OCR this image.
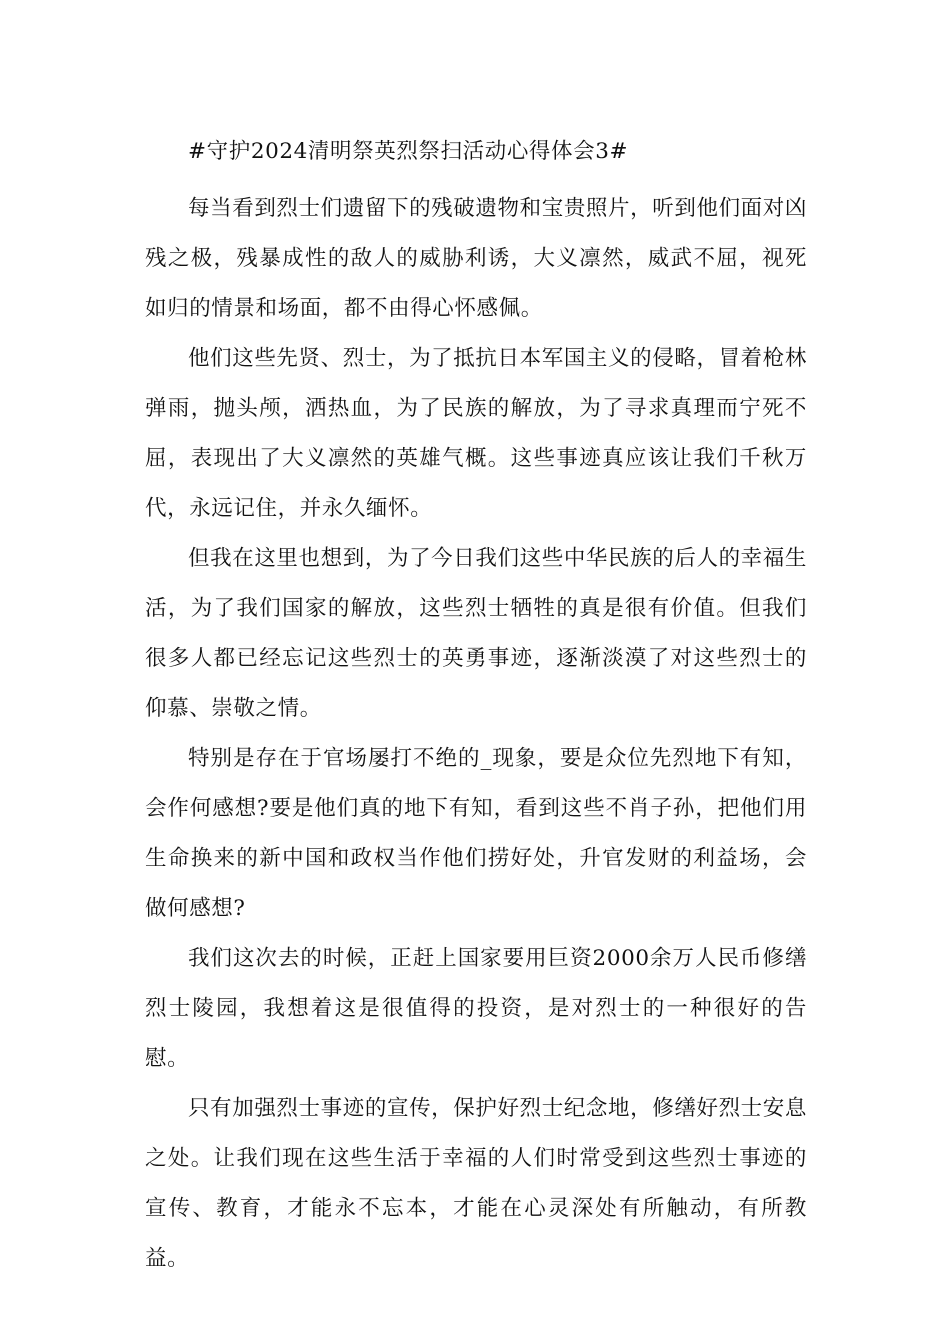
#守护2024清明祭英烈祭扫活动心得体会3#

每当看到烈士们遗留下的残破遗物和宝贵照片，听到他们面对凶残之极，残暴成性的敌人的威胁利诱，大义凛然，威武不屈，视死如归的情景和场面，都不由得心怀感佩。

他们这些先贤、烈士，为了抵抗日本军国主义的侵略，冒着枪林弹雨，抛头颅，洒热血，为了民族的解放，为了寻求真理而宁死不屈，表现出了大义凛然的英雄气概。这些事迹真应该让我们千秋万代，永远记住，并永久缅怀。

但我在这里也想到，为了今日我们这些中华民族的后人的幸福生活，为了我们国家的解放，这些烈士牺牲的真是很有价值。但我们很多人都已经忘记这些烈士的英勇事迹，逐渐淡漠了对这些烈士的仰慕、崇敬之情。

特别是存在于官场屡打不绝的_现象，要是众位先烈地下有知，会作何感想?要是他们真的地下有知，看到这些不肖子孙，把他们用生命换来的新中国和政权当作他们捞好处，升官发财的利益场，会做何感想?

我们这次去的时候，正赶上国家要用巨资2000余万人民币修缮烈士陵园，我想着这是很值得的投资，是对烈士的一种很好的告慰。

只有加强烈士事迹的宣传，保护好烈士纪念地，修缮好烈士安息之处。让我们现在这些生活于幸福的人们时常受到这些烈士事迹的宣传、教育，才能永不忘本，才能在心灵深处有所触动，有所教益。
